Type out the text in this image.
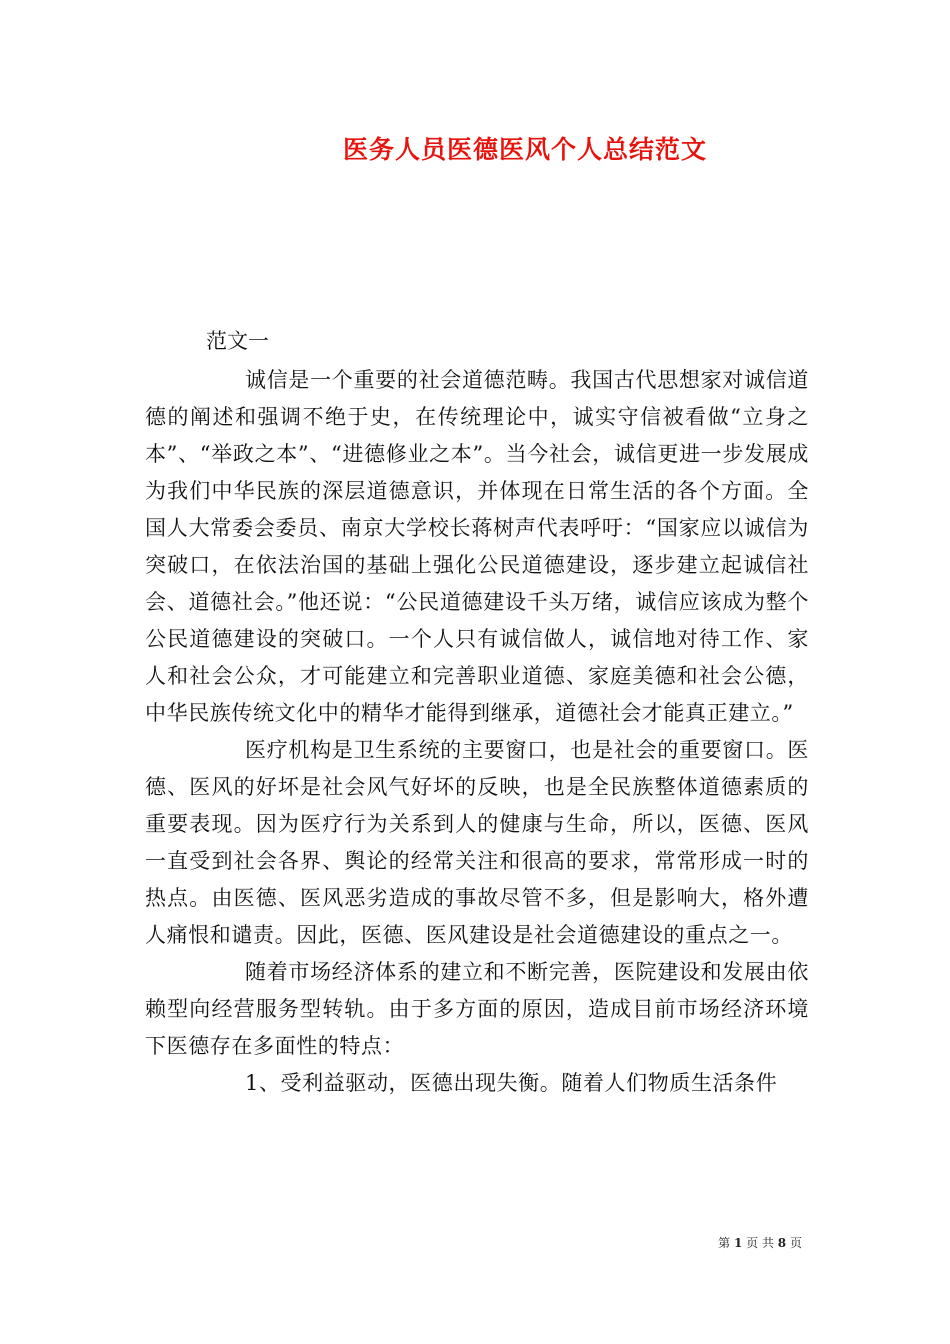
医务人员医德医风个人总结范文

范文一

诚信是一个重要的社会道德范畴。我国古代思想家对诚信道德的阐述和强调不绝于史，在传统理论中，诚实守信被看做“立身之本”、“举政之本”、“进德修业之本”。当今社会，诚信更进一步发展成为我们中华民族的深层道德意识，并体现在日常生活的各个方面。全国人大常委会委员、南京大学校长蒋树声代表呼吁：“国家应以诚信为突破口，在依法治国的基础上强化公民道德建设，逐步建立起诚信社会、道德社会。”他还说：“公民道德建设千头万绪，诚信应该成为整个公民道德建设的突破口。一个人只有诚信做人，诚信地对待工作、家人和社会公众，才可能建立和完善职业道德、家庭美德和社会公德，中华民族传统文化中的精华才能得到继承，道德社会才能真正建立。”

医疗机构是卫生系统的主要窗口，也是社会的重要窗口。医德、医风的好坏是社会风气好坏的反映，也是全民族整体道德素质的重要表现。因为医疗行为关系到人的健康与生命，所以，医德、医风一直受到社会各界、舆论的经常关注和很高的要求，常常形成一时的热点。由医德、医风恶劣造成的事故尽管不多，但是影响大，格外遭人痛恨和谴责。因此，医德、医风建设是社会道德建设的重点之一。

随着市场经济体系的建立和不断完善，医院建设和发展由依赖型向经营服务型转轨。由于多方面的原因，造成目前市场经济环境下医德存在多面性的特点：

1、受利益驱动，医德出现失衡。随着人们物质生活条件

第 1 页 共 8 页
